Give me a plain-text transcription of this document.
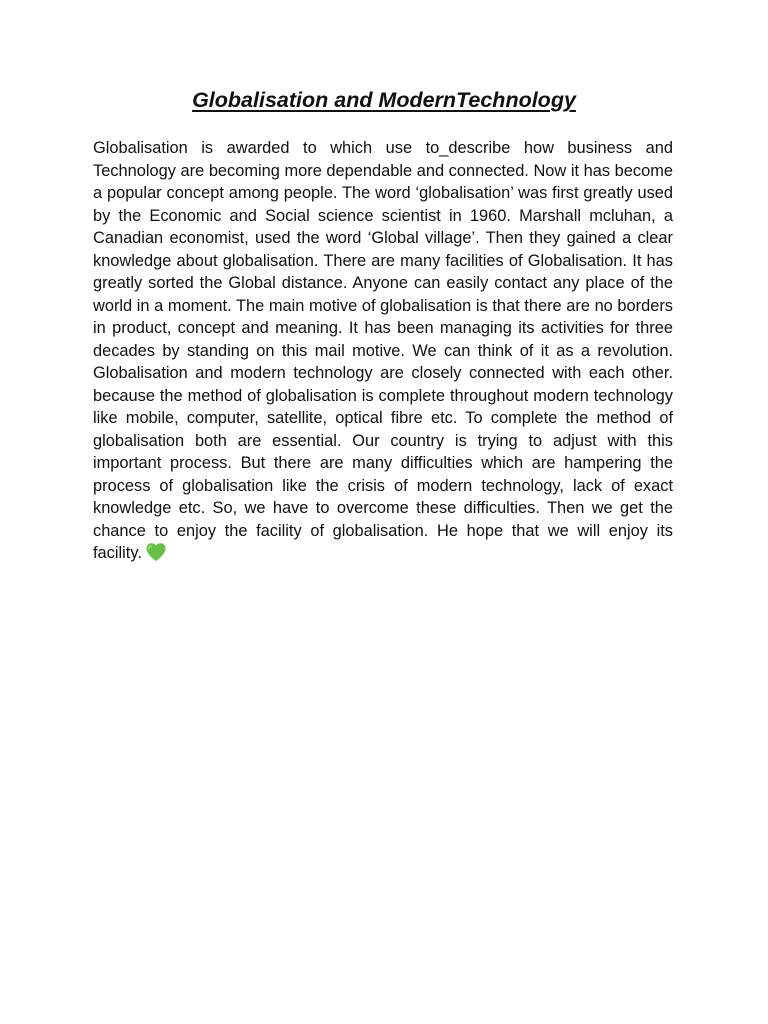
Globalisation and ModernTechnology

Globalisation is awarded to which use to_describe how business and Technology are becoming more dependable and connected. Now it has become a popular concept among people. The word ‘globalisation’ was first greatly used by the Economic and Social science scientist in 1960. Marshall mcluhan, a Canadian economist, used the word ‘Global village’. Then they gained a clear knowledge about globalisation. There are many facilities of Globalisation. It has greatly sorted the Global distance. Anyone can easily contact any place of the world in a moment. The main motive of globalisation is that there are no borders in product, concept and meaning. It has been managing its activities for three decades by standing on this mail motive. We can think of it as a revolution. Globalisation and modern technology are closely connected with each other. because the method of globalisation is complete throughout modern technology like mobile, computer, satellite, optical fibre etc. To complete the method of globalisation both are essential. Our country is trying to adjust with this important process. But there are many difficulties which are hampering the process of globalisation like the crisis of modern technology, lack of exact knowledge etc. So, we have to overcome these difficulties. Then we get the chance to enjoy the facility of globalisation. He hope that we will enjoy its facility.
